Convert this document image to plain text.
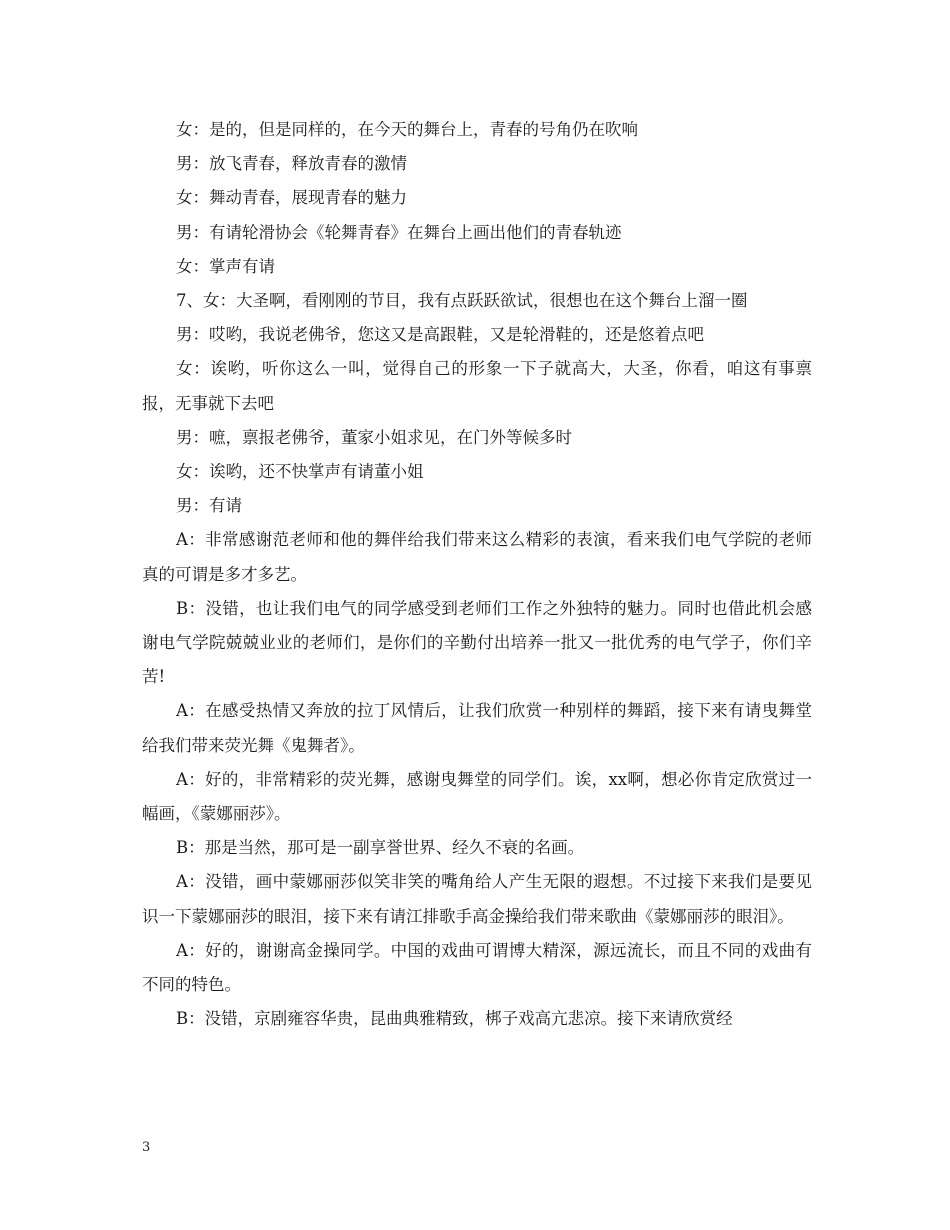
女：是的，但是同样的，在今天的舞台上，青春的号角仍在吹响

男：放飞青春，释放青春的激情

女：舞动青春，展现青春的魅力

男：有请轮滑协会《轮舞青春》在舞台上画出他们的青春轨迹

女：掌声有请

7、女：大圣啊，看刚刚的节目，我有点跃跃欲试，很想也在这个舞台上溜一圈

男：哎哟，我说老佛爷，您这又是高跟鞋，又是轮滑鞋的，还是悠着点吧

女：诶哟，听你这么一叫，觉得自己的形象一下子就高大，大圣，你看，咱这有事禀报，无事就下去吧

男：嗻，禀报老佛爷，董家小姐求见，在门外等候多时

女：诶哟，还不快掌声有请董小姐

男：有请

A：非常感谢范老师和他的舞伴给我们带来这么精彩的表演，看来我们电气学院的老师真的可谓是多才多艺。

B：没错，也让我们电气的同学感受到老师们工作之外独特的魅力。同时也借此机会感谢电气学院兢兢业业的老师们，是你们的辛勤付出培养一批又一批优秀的电气学子，你们辛苦!

A：在感受热情又奔放的拉丁风情后，让我们欣赏一种别样的舞蹈，接下来有请曳舞堂给我们带来荧光舞《鬼舞者》。

A：好的，非常精彩的荧光舞，感谢曳舞堂的同学们。诶，xx啊，想必你肯定欣赏过一幅画，《蒙娜丽莎》。

B：那是当然，那可是一副享誉世界、经久不衰的名画。

A：没错，画中蒙娜丽莎似笑非笑的嘴角给人产生无限的遐想。不过接下来我们是要见识一下蒙娜丽莎的眼泪，接下来有请江排歌手高金操给我们带来歌曲《蒙娜丽莎的眼泪》。

A：好的，谢谢高金操同学。中国的戏曲可谓博大精深，源远流长，而且不同的戏曲有不同的特色。

B：没错，京剧雍容华贵，昆曲典雅精致，梆子戏高亢悲凉。接下来请欣赏经

3
